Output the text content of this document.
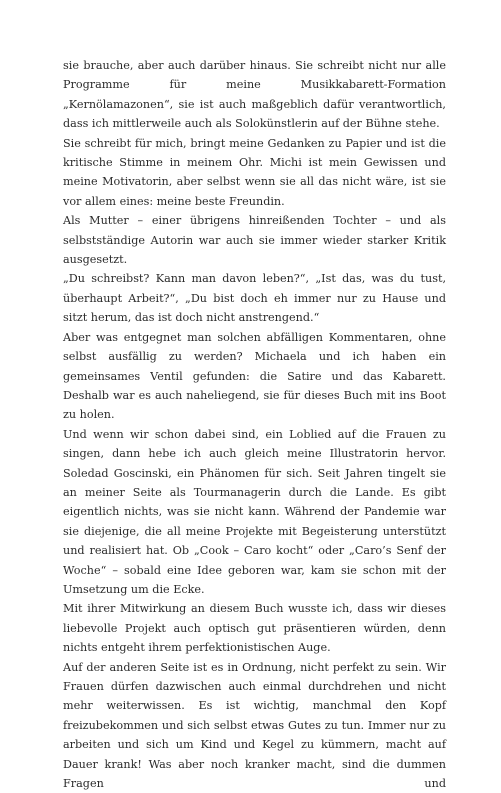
sie brauche, aber auch darüber hinaus. Sie schreibt nicht nur alle Programme für meine Musikkabarett-Formation „Kernölamazonen“, sie ist auch maßgeblich dafür verantwortlich, dass ich mittlerweile auch als Solokünstlerin auf der Bühne stehe.

Sie schreibt für mich, bringt meine Gedanken zu Papier und ist die kritische Stimme in meinem Ohr. Michi ist mein Gewissen und meine Motivatorin, aber selbst wenn sie all das nicht wäre, ist sie vor allem eines: meine beste Freundin.

Als Mutter – einer übrigens hinreißenden Tochter – und als selbstständige Autorin war auch sie immer wieder starker Kritik ausgesetzt.

„Du schreibst? Kann man davon leben?“, „Ist das, was du tust, überhaupt Arbeit?“, „Du bist doch eh immer nur zu Hause und sitzt herum, das ist doch nicht anstrengend.“

Aber was entgegnet man solchen abfälligen Kommentaren, ohne selbst ausfällig zu werden? Michaela und ich haben ein gemeinsames Ventil gefunden: die Satire und das Kabarett. Deshalb war es auch naheliegend, sie für dieses Buch mit ins Boot zu holen.

Und wenn wir schon dabei sind, ein Loblied auf die Frauen zu singen, dann hebe ich auch gleich meine Illustratorin hervor. Soledad Goscinski, ein Phänomen für sich. Seit Jahren tingelt sie an meiner Seite als Tourmanagerin durch die Lande. Es gibt eigentlich nichts, was sie nicht kann. Während der Pandemie war sie diejenige, die all meine Projekte mit Begeisterung unterstützt und realisiert hat. Ob „Cook – Caro kocht“ oder „Caro’s Senf der Woche“ – sobald eine Idee geboren war, kam sie schon mit der Umsetzung um die Ecke.

Mit ihrer Mitwirkung an diesem Buch wusste ich, dass wir dieses liebevolle Projekt auch optisch gut präsentieren würden, denn nichts entgeht ihrem perfektionistischen Auge.

Auf der anderen Seite ist es in Ordnung, nicht perfekt zu sein. Wir Frauen dürfen dazwischen auch einmal durchdrehen und nicht mehr weiterwissen. Es ist wichtig, manchmal den Kopf freizubekommen und sich selbst etwas Gutes zu tun. Immer nur zu arbeiten und sich um Kind und Kegel zu kümmern, macht auf Dauer krank! Was aber noch kranker macht, sind die dummen Fragen und
